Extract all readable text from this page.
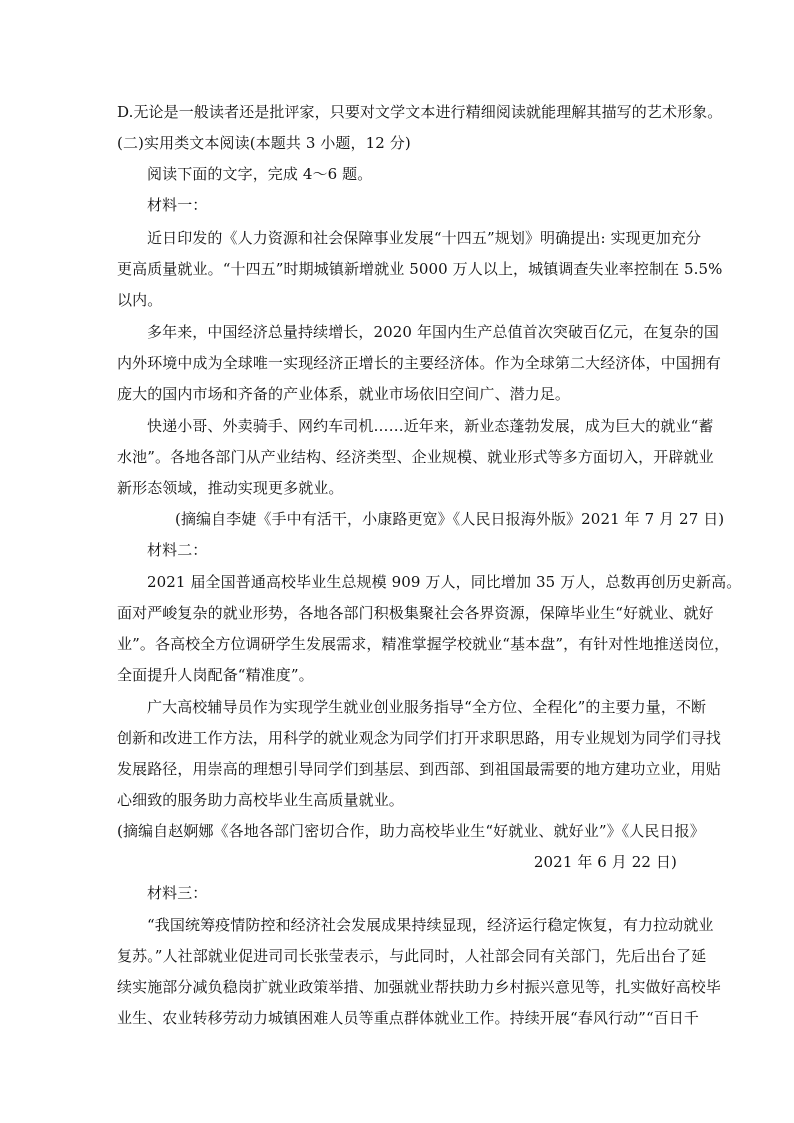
D.无论是一般读者还是批评家，只要对文学文本进行精细阅读就能理解其描写的艺术形象。
(二)实用类文本阅读(本题共 3 小题，12 分)
阅读下面的文字，完成 4～6 题。
材料一：
近日印发的《人力资源和社会保障事业发展“十四五”规划》明确提出: 实现更加充分
更高质量就业。“十四五”时期城镇新增就业 5000 万人以上，城镇调查失业率控制在 5.5%
以内。
多年来，中国经济总量持续增长，2020 年国内生产总值首次突破百亿元，在复杂的国
内外环境中成为全球唯一实现经济正增长的主要经济体。作为全球第二大经济体，中国拥有
庞大的国内市场和齐备的产业体系，就业市场依旧空间广、潜力足。
快递小哥、外卖骑手、网约车司机……近年来，新业态蓬勃发展，成为巨大的就业“蓄
水池”。各地各部门从产业结构、经济类型、企业规模、就业形式等多方面切入，开辟就业
新形态领域，推动实现更多就业。
(摘编自李婕《手中有活干，小康路更宽》《人民日报海外版》2021 年 7 月 27 日)
材料二：
2021 届全国普通高校毕业生总规模 909 万人，同比增加 35 万人，总数再创历史新高。
面对严峻复杂的就业形势，各地各部门积极集聚社会各界资源，保障毕业生“好就业、就好
业”。各高校全方位调研学生发展需求，精准掌握学校就业“基本盘”，有针对性地推送岗位，
全面提升人岗配备“精准度”。
广大高校辅导员作为实现学生就业创业服务指导“全方位、全程化”的主要力量，不断
创新和改进工作方法，用科学的就业观念为同学们打开求职思路，用专业规划为同学们寻找
发展路径，用崇高的理想引导同学们到基层、到西部、到祖国最需要的地方建功立业，用贴
心细致的服务助力高校毕业生高质量就业。
(摘编自赵婀娜《各地各部门密切合作，助力高校毕业生“好就业、就好业”》《人民日报》
2021 年 6 月 22 日)
材料三：
“我国统筹疫情防控和经济社会发展成果持续显现，经济运行稳定恢复，有力拉动就业
复苏。”人社部就业促进司司长张莹表示，与此同时，人社部会同有关部门，先后出台了延
续实施部分减负稳岗扩就业政策举措、加强就业帮扶助力乡村振兴意见等，扎实做好高校毕
业生、农业转移劳动力城镇困难人员等重点群体就业工作。持续开展“春风行动”“百日千
